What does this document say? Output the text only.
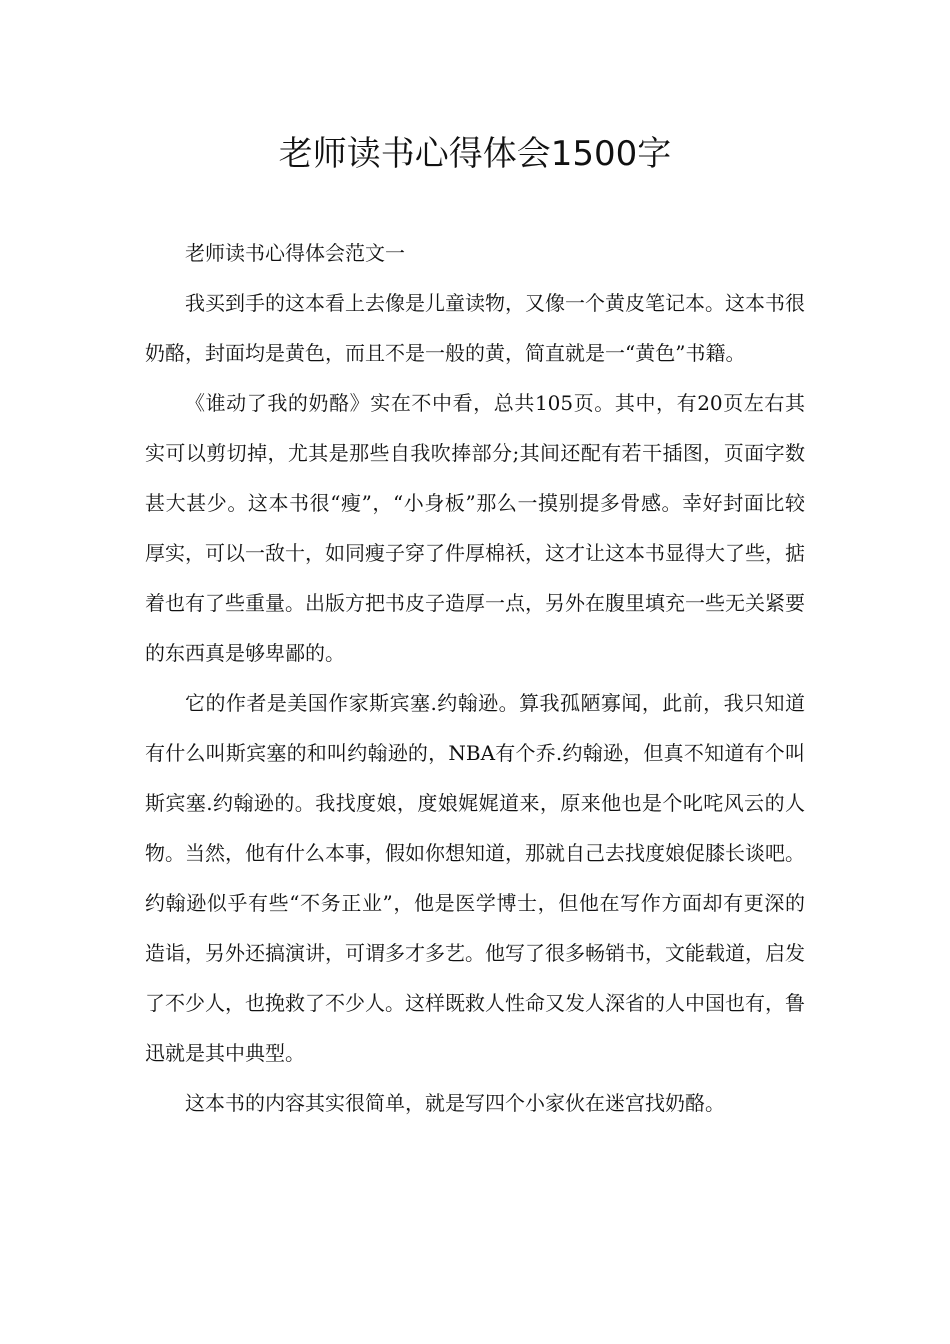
老师读书心得体会1500字

老师读书心得体会范文一

我买到手的这本看上去像是儿童读物，又像一个黄皮笔记本。这本书很奶酪，封面均是黄色，而且不是一般的黄，简直就是一“黄色”书籍。

《谁动了我的奶酪》实在不中看，总共105页。其中，有20页左右其实可以剪切掉，尤其是那些自我吹捧部分;其间还配有若干插图，页面字数甚大甚少。这本书很“瘦”，“小身板”那么一摸别提多骨感。幸好封面比较厚实，可以一敌十，如同瘦子穿了件厚棉袄，这才让这本书显得大了些，掂着也有了些重量。出版方把书皮子造厚一点，另外在腹里填充一些无关紧要的东西真是够卑鄙的。

它的作者是美国作家斯宾塞.约翰逊。算我孤陋寡闻，此前，我只知道有什么叫斯宾塞的和叫约翰逊的，NBA有个乔.约翰逊，但真不知道有个叫斯宾塞.约翰逊的。我找度娘，度娘娓娓道来，原来他也是个叱咤风云的人物。当然，他有什么本事，假如你想知道，那就自己去找度娘促膝长谈吧。约翰逊似乎有些“不务正业”，他是医学博士，但他在写作方面却有更深的造诣，另外还搞演讲，可谓多才多艺。他写了很多畅销书，文能载道，启发了不少人，也挽救了不少人。这样既救人性命又发人深省的人中国也有，鲁迅就是其中典型。

这本书的内容其实很简单，就是写四个小家伙在迷宫找奶酪。
